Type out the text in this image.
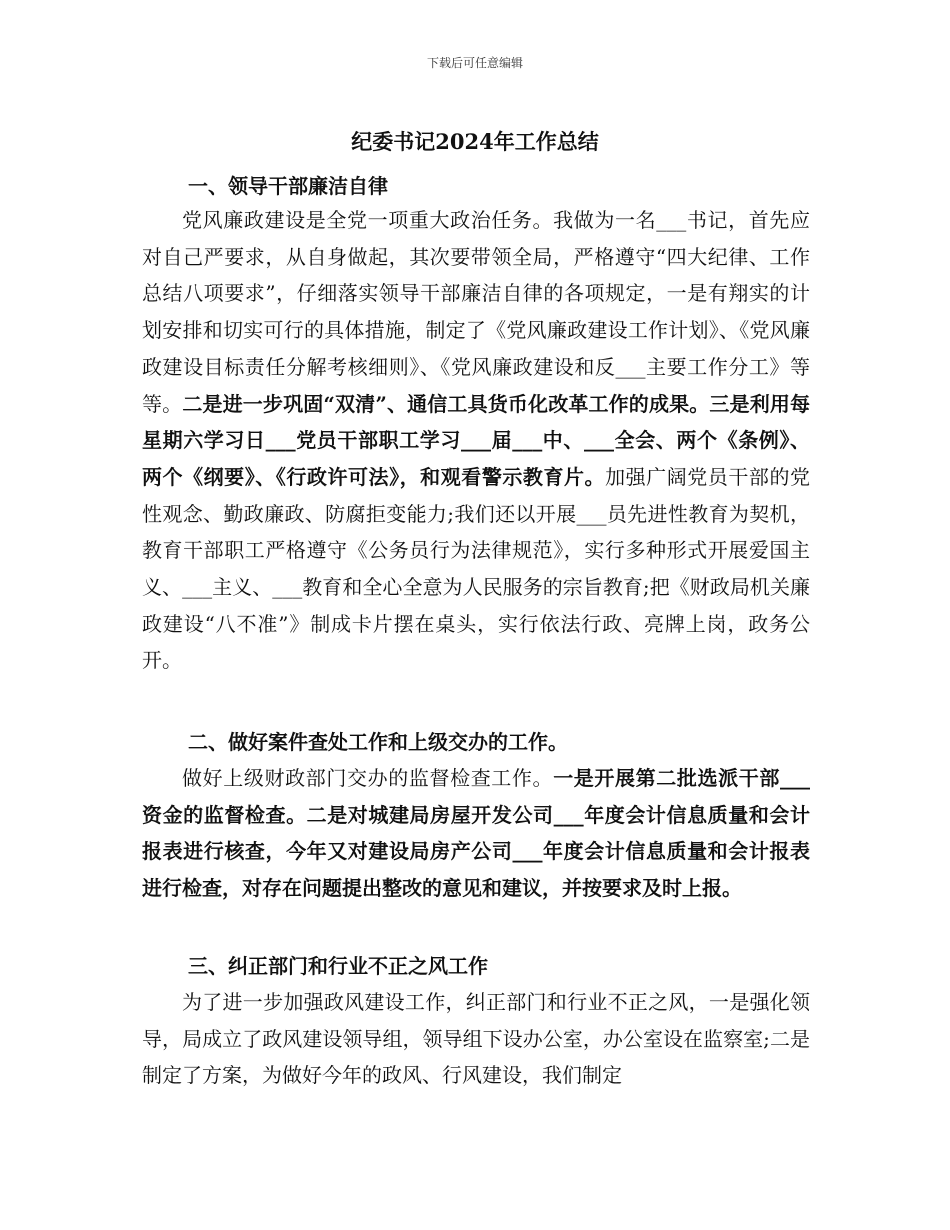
下载后可任意编辑
纪委书记2024年工作总结
一、领导干部廉洁自律

党风廉政建设是全党一项重大政治任务。我做为一名___书记，首先应对自己严要求，从自身做起，其次要带领全局，严格遵守“四大纪律、工作总结八项要求”，仔细落实领导干部廉洁自律的各项规定，一是有翔实的计划安排和切实可行的具体措施，制定了《党风廉政建设工作计划》、《党风廉政建设目标责任分解考核细则》、《党风廉政建设和反___主要工作分工》等等。二是进一步巩固“双清”、通信工具货币化改革工作的成果。三是利用每星期六学习日___党员干部职工学习___届___中、___全会、两个《条例》、两个《纲要》、《行政许可法》，和观看警示教育片。加强广阔党员干部的党性观念、勤政廉政、防腐拒变能力;我们还以开展___员先进性教育为契机，教育干部职工严格遵守《公务员行为法律规范》，实行多种形式开展爱国主义、___主义、___教育和全心全意为人民服务的宗旨教育;把《财政局机关廉政建设“八不准”》制成卡片摆在桌头，实行依法行政、亮牌上岗，政务公开。

二、做好案件查处工作和上级交办的工作。

做好上级财政部门交办的监督检查工作。一是开展第二批选派干部___资金的监督检查。二是对城建局房屋开发公司___年度会计信息质量和会计报表进行核查，今年又对建设局房产公司___年度会计信息质量和会计报表进行检查，对存在问题提出整改的意见和建议，并按要求及时上报。

三、纠正部门和行业不正之风工作

为了进一步加强政风建设工作，纠正部门和行业不正之风，一是强化领导，局成立了政风建设领导组，领导组下设办公室，办公室设在监察室;二是制定了方案，为做好今年的政风、行风建设，我们制定
